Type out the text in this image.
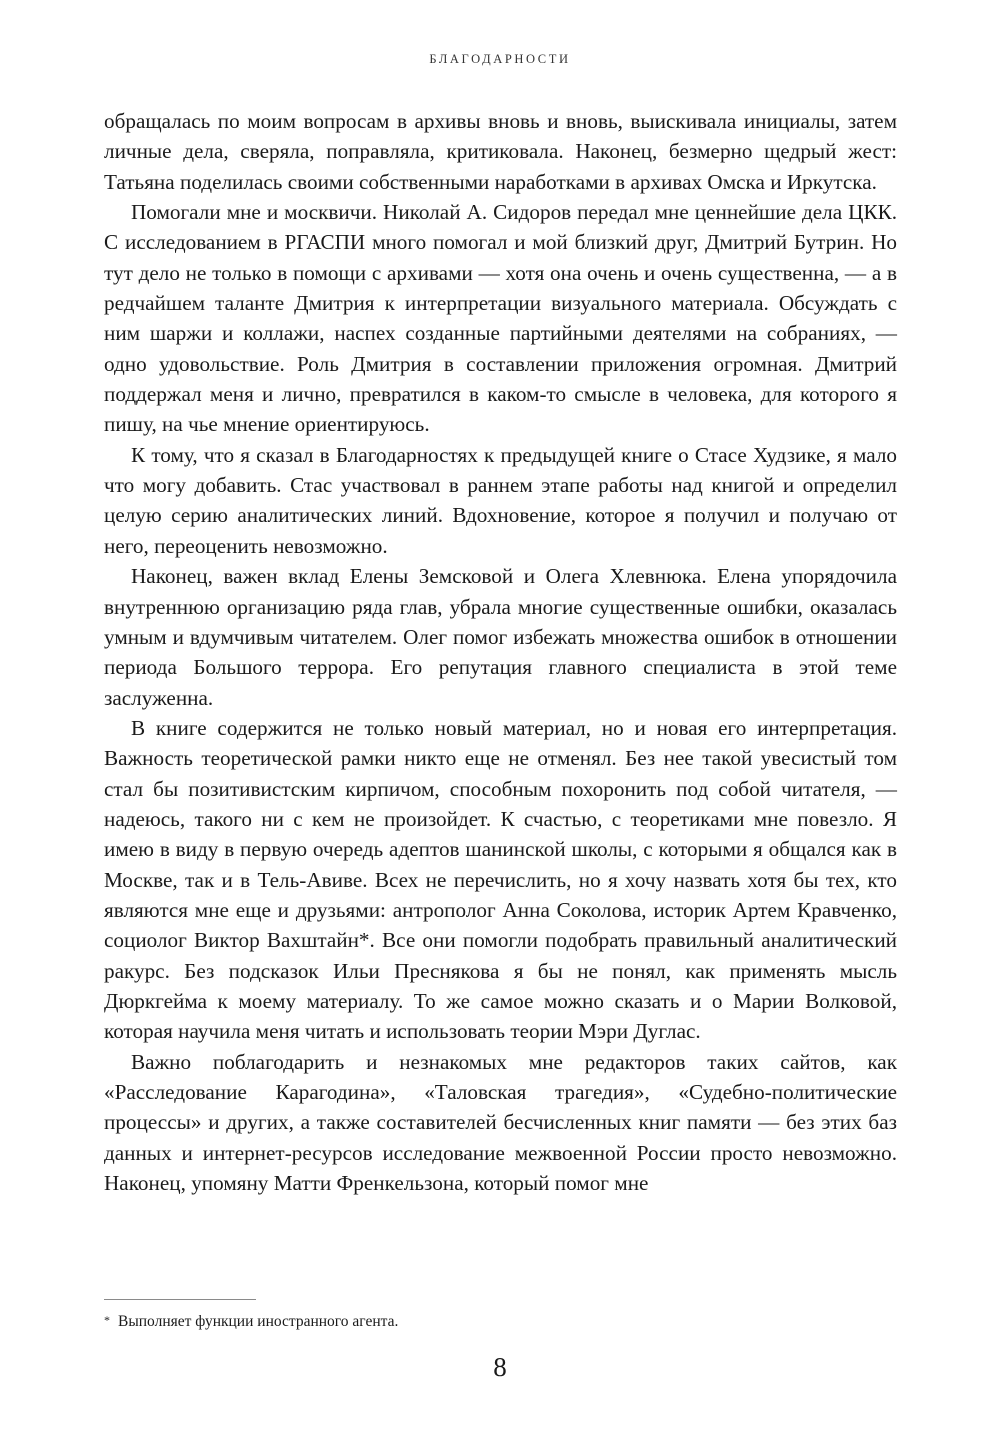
БЛАГОДАРНОСТИ

обращалась по моим вопросам в архивы вновь и вновь, выискивала инициалы, затем личные дела, сверяла, поправляла, критиковала. Наконец, безмерно щедрый жест: Татьяна поделилась своими собственными наработками в архивах Омска и Иркутска.

Помогали мне и москвичи. Николай А. Сидоров передал мне ценнейшие дела ЦКК. С исследованием в РГАСПИ много помогал и мой близкий друг, Дмитрий Бутрин. Но тут дело не только в помощи с архивами — хотя она очень и очень существенна, — а в редчайшем таланте Дмитрия к интерпретации визуального материала. Обсуждать с ним шаржи и коллажи, наспех созданные партийными деятелями на собраниях, — одно удовольствие. Роль Дмитрия в составлении приложения огромная. Дмитрий поддержал меня и лично, превратился в каком-то смысле в человека, для которого я пишу, на чье мнение ориентируюсь.

К тому, что я сказал в Благодарностях к предыдущей книге о Стасе Худзике, я мало что могу добавить. Стас участвовал в раннем этапе работы над книгой и определил целую серию аналитических линий. Вдохновение, которое я получил и получаю от него, переоценить невозможно.

Наконец, важен вклад Елены Земсковой и Олега Хлевнюка. Елена упорядочила внутреннюю организацию ряда глав, убрала многие существенные ошибки, оказалась умным и вдумчивым читателем. Олег помог избежать множества ошибок в отношении периода Большого террора. Его репутация главного специалиста в этой теме заслуженна.

В книге содержится не только новый материал, но и новая его интерпретация. Важность теоретической рамки никто еще не отменял. Без нее такой увесистый том стал бы позитивистским кирпичом, способным похоронить под собой читателя, — надеюсь, такого ни с кем не произойдет. К счастью, с теоретиками мне повезло. Я имею в виду в первую очередь адептов шанинской школы, с которыми я общался как в Москве, так и в Тель-Авиве. Всех не перечислить, но я хочу назвать хотя бы тех, кто являются мне еще и друзьями: антрополог Анна Соколова, историк Артем Кравченко, социолог Виктор Вахштайн*. Все они помогли подобрать правильный аналитический ракурс. Без подсказок Ильи Преснякова я бы не понял, как применять мысль Дюркгейма к моему материалу. То же самое можно сказать и о Марии Волковой, которая научила меня читать и использовать теории Мэри Дуглас.

Важно поблагодарить и незнакомых мне редакторов таких сайтов, как «Расследование Карагодина», «Таловская трагедия», «Судебно-политические процессы» и других, а также составителей бесчисленных книг памяти — без этих баз данных и интернет-ресурсов исследование межвоенной России просто невозможно. Наконец, упомяну Матти Френкельзона, который помог мне

* Выполняет функции иностранного агента.
8
